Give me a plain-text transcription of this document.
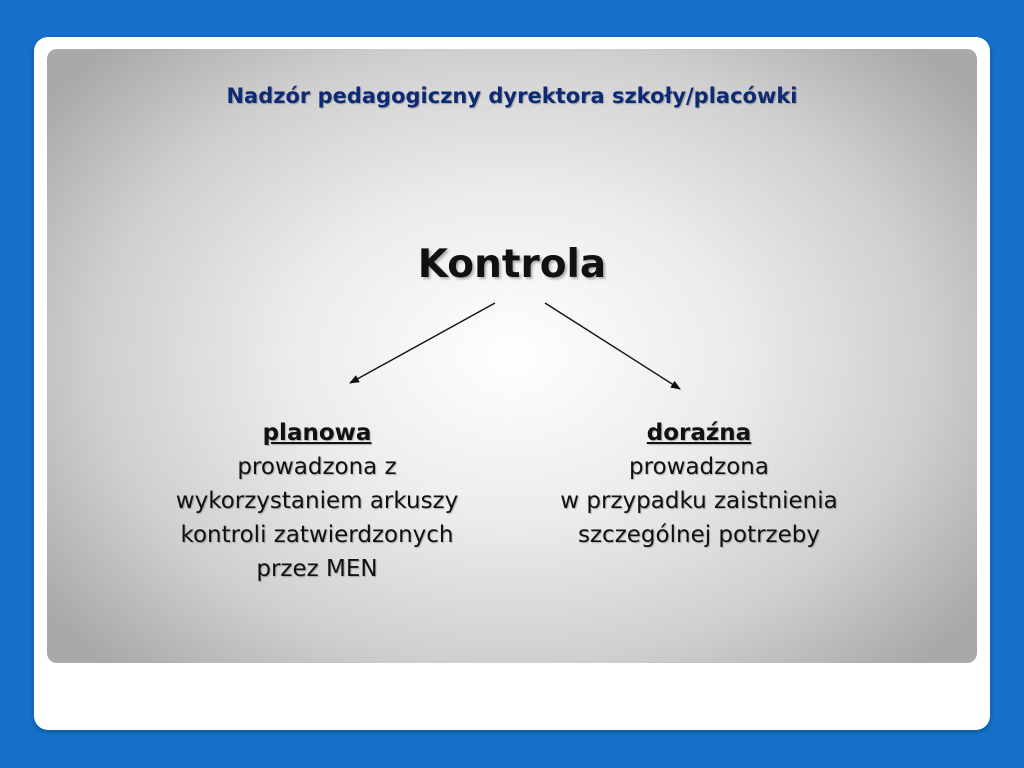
Nadzór pedagogiczny dyrektora szkoły/placówki
Kontrola
planowa
prowadzona z
wykorzystaniem arkuszy
kontroli zatwierdzonych
przez MEN
doraźna
prowadzona
w przypadku zaistnienia
szczególnej potrzeby
